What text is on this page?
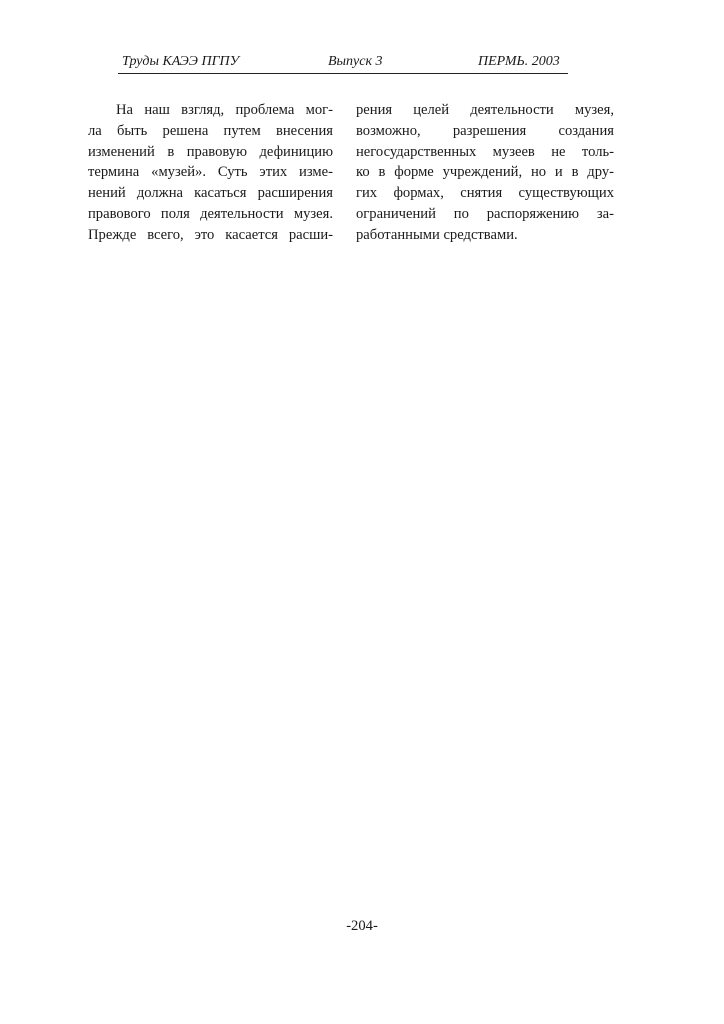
Труды КАЭЭ ПГПУ	Выпуск 3	ПЕРМЬ. 2003
На наш взгляд, проблема мог-
ла быть решена путем внесения
изменений в правовую дефиницию
термина «музей». Суть этих изме-
нений должна касаться расширения
правового поля деятельности музея.
Прежде всего, это касается расши-
рения целей деятельности музея,
возможно, разрешения создания
негосударственных музеев не толь-
ко в форме учреждений, но и в дру-
гих формах, снятия существующих
ограничений по распоряжению за-
работанными средствами.
-204-
